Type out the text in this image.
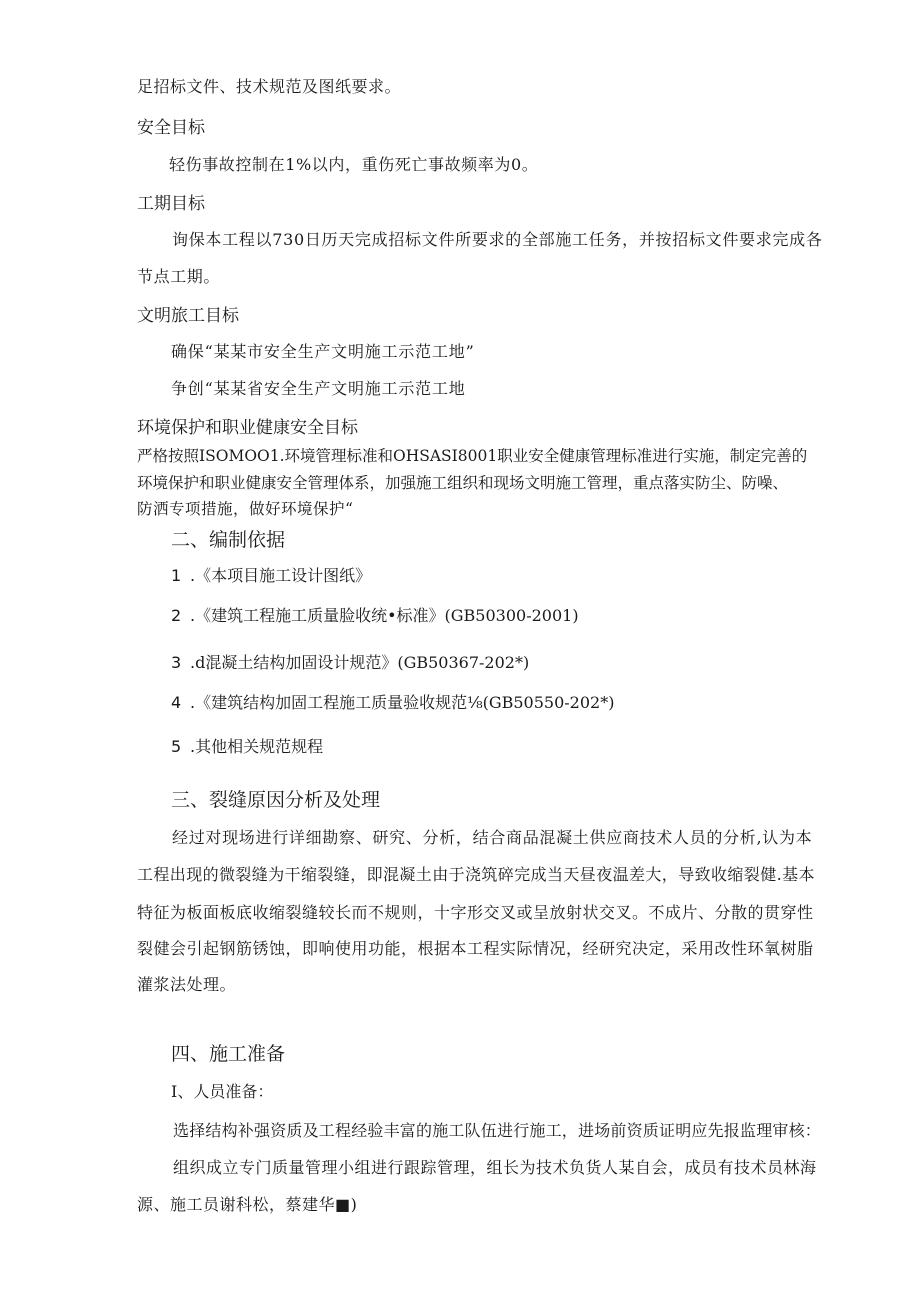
足招标文件、技术规范及图纸要求。
安全目标
轻伤事故控制在1%以内，重伤死亡事故频率为0。
工期目标
询保本工程以730日历天完成招标文件所要求的全部施工任务，并按招标文件要求完成各
节点工期。
文明旅工目标
确保“某某市安全生产文明施工示范工地”
争创“某某省安全生产文明施工示范工地
环境保护和职业健康安全目标
严格按照ISOMOO1.环境管理标准和OHSASI8001职业安全健康管理标准进行实施，制定完善的
环境保护和职业健康安全管理体系，加强施工组织和现场文明施工管理，重点落实防尘、防噪、
防洒专项措施，做好环境保护“
二、编制依据
1 .《本项目施工设计图纸》
2 .《建筑工程施工质量脸收统•标准》(GB50300-2001)
3 .d混凝土结构加固设计规范》(GB50367-202*)
4 .《建筑结构加固工程施工质量验收规范⅛(GB50550-202*)
5 .其他相关规范规程
三、裂缝原因分析及处理
经过对现场进行详细勘察、研究、分析，结合商品混凝土供应商技术人员的分析,认为本
工程出现的微裂缝为干缩裂缝，即混凝土由于浇筑碎完成当天昼夜温差大，导致收缩裂健.基本
特征为板面板底收缩裂缝较长而不规则，十字形交叉或呈放射状交叉。不成片、分散的贯穿性
裂健会引起钢筋锈蚀，即响使用功能，根据本工程实际情况，经研究决定，采用改性环氧树脂
灌浆法处理。
四、施工准备
I、人员准备：
选择结构补强资质及工程经验丰富的施工队伍进行施工，进场前资质证明应先报监理审核：
组织成立专门质量管理小组进行跟踪管理，组长为技术负货人某自会，成员有技术员林海
源、施工员谢科松，蔡建华■)
